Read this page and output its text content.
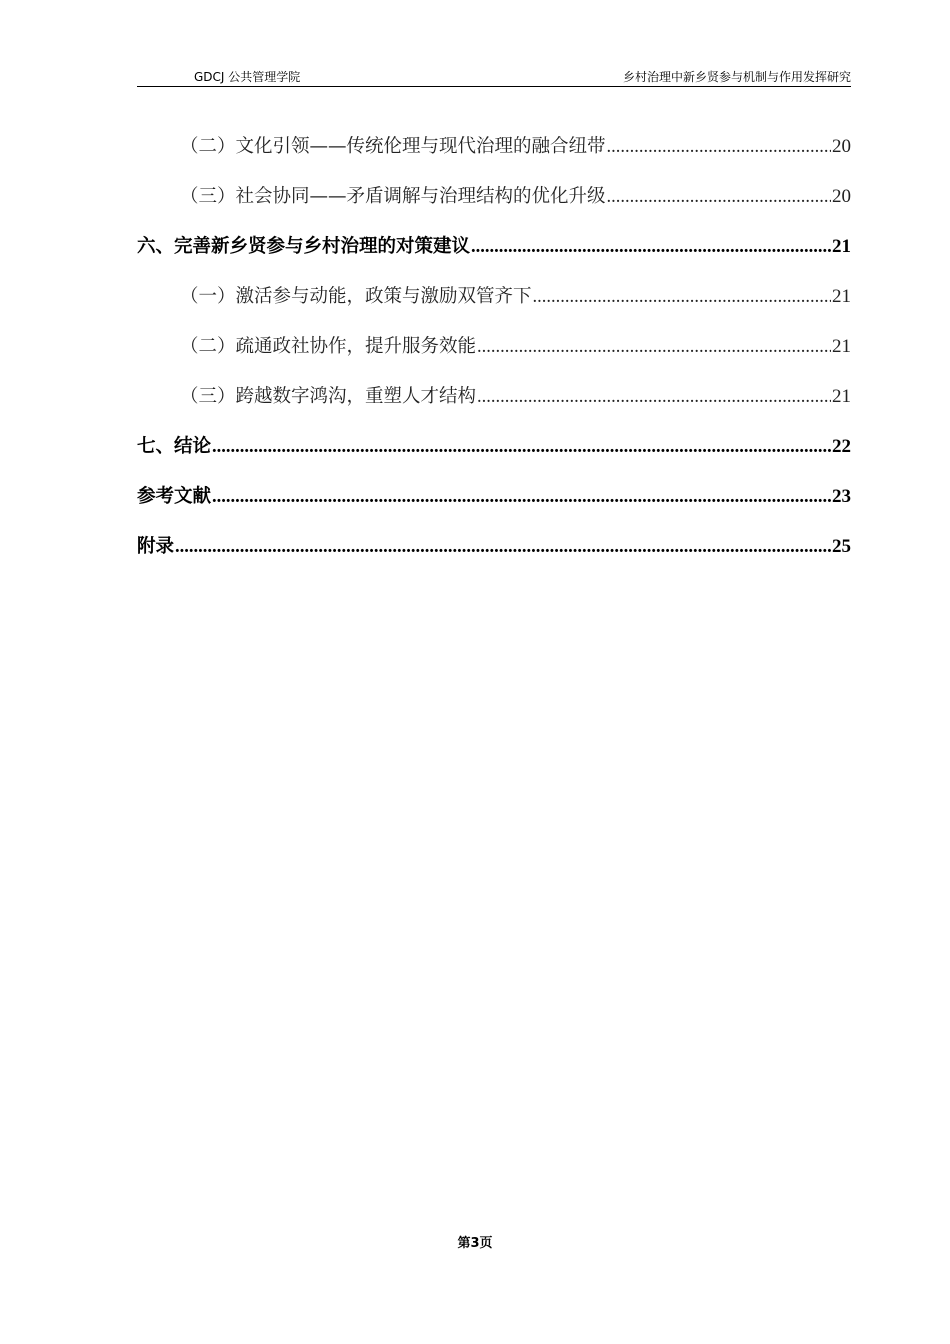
GDCJ 公共管理学院	乡村治理中新乡贤参与机制与作用发挥研究
（二）文化引领——传统伦理与现代治理的融合纽带 .....	20
（三）社会协同——矛盾调解与治理结构的优化升级 .....	20
六、完善新乡贤参与乡村治理的对策建议 .....	21
（一）激活参与动能，政策与激励双管齐下 .....	21
（二）疏通政社协作，提升服务效能 .....	21
（三）跨越数字鸿沟，重塑人才结构 .....	21
七、结论 .....	22
参考文献 .....	23
附录 .....	25
第3页
